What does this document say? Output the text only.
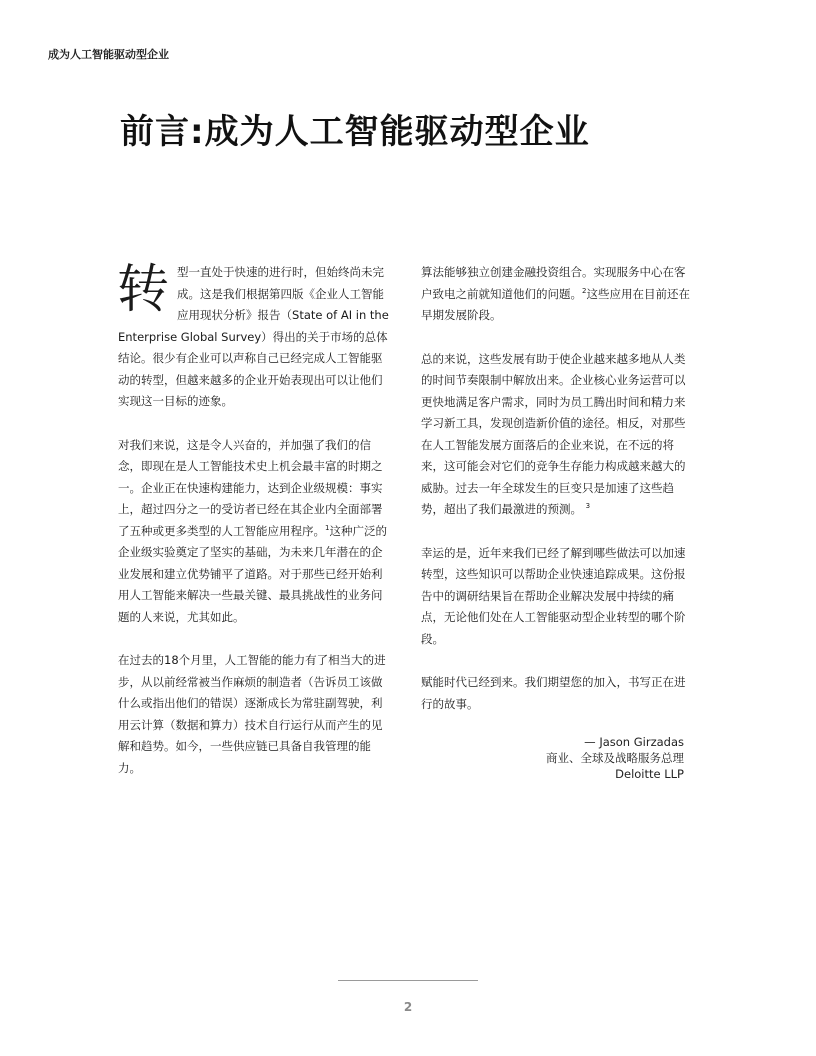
成为人工智能驱动型企业
前言:成为人工智能驱动型企业

转型一直处于快速的进行时，但始终尚未完成。这是我们根据第四版《企业人工智能应用现状分析》报告（State of AI in the Enterprise Global Survey）得出的关于市场的总体结论。很少有企业可以声称自己已经完成人工智能驱动的转型，但越来越多的企业开始表现出可以让他们实现这一目标的迹象。

对我们来说，这是令人兴奋的，并加强了我们的信念，即现在是人工智能技术史上机会最丰富的时期之一。企业正在快速构建能力，达到企业级规模：事实上，超过四分之一的受访者已经在其企业内全面部署了五种或更多类型的人工智能应用程序。$^1$这种广泛的企业级实验奠定了坚实的基础，为未来几年潜在的企业发展和建立优势铺平了道路。对于那些已经开始利用人工智能来解决一些最关键、最具挑战性的业务问题的人来说，尤其如此。

在过去的18个月里，人工智能的能力有了相当大的进步，从以前经常被当作麻烦的制造者（告诉员工该做什么或指出他们的错误）逐渐成长为常驻副驾驶，利用云计算（数据和算力）技术自行运行从而产生的见解和趋势。如今，一些供应链已具备自我管理的能力。

算法能够独立创建金融投资组合。实现服务中心在客户致电之前就知道他们的问题。$^2$这些应用在目前还在早期发展阶段。

总的来说，这些发展有助于使企业越来越多地从人类的时间节奏限制中解放出来。企业核心业务运营可以更快地满足客户需求，同时为员工腾出时间和精力来学习新工具，发现创造新价值的途径。相反，对那些在人工智能发展方面落后的企业来说，在不远的将来，这可能会对它们的竞争生存能力构成越来越大的威胁。过去一年全球发生的巨变只是加速了这些趋势，超出了我们最激进的预测。 $^3$

幸运的是，近年来我们已经了解到哪些做法可以加速转型，这些知识可以帮助企业快速追踪成果。这份报告中的调研结果旨在帮助企业解决发展中持续的痛点，无论他们处在人工智能驱动型企业转型的哪个阶段。

赋能时代已经到来。我们期望您的加入，书写正在进行的故事。

— Jason Girzadas
商业、全球及战略服务总理
Deloitte LLP
2
